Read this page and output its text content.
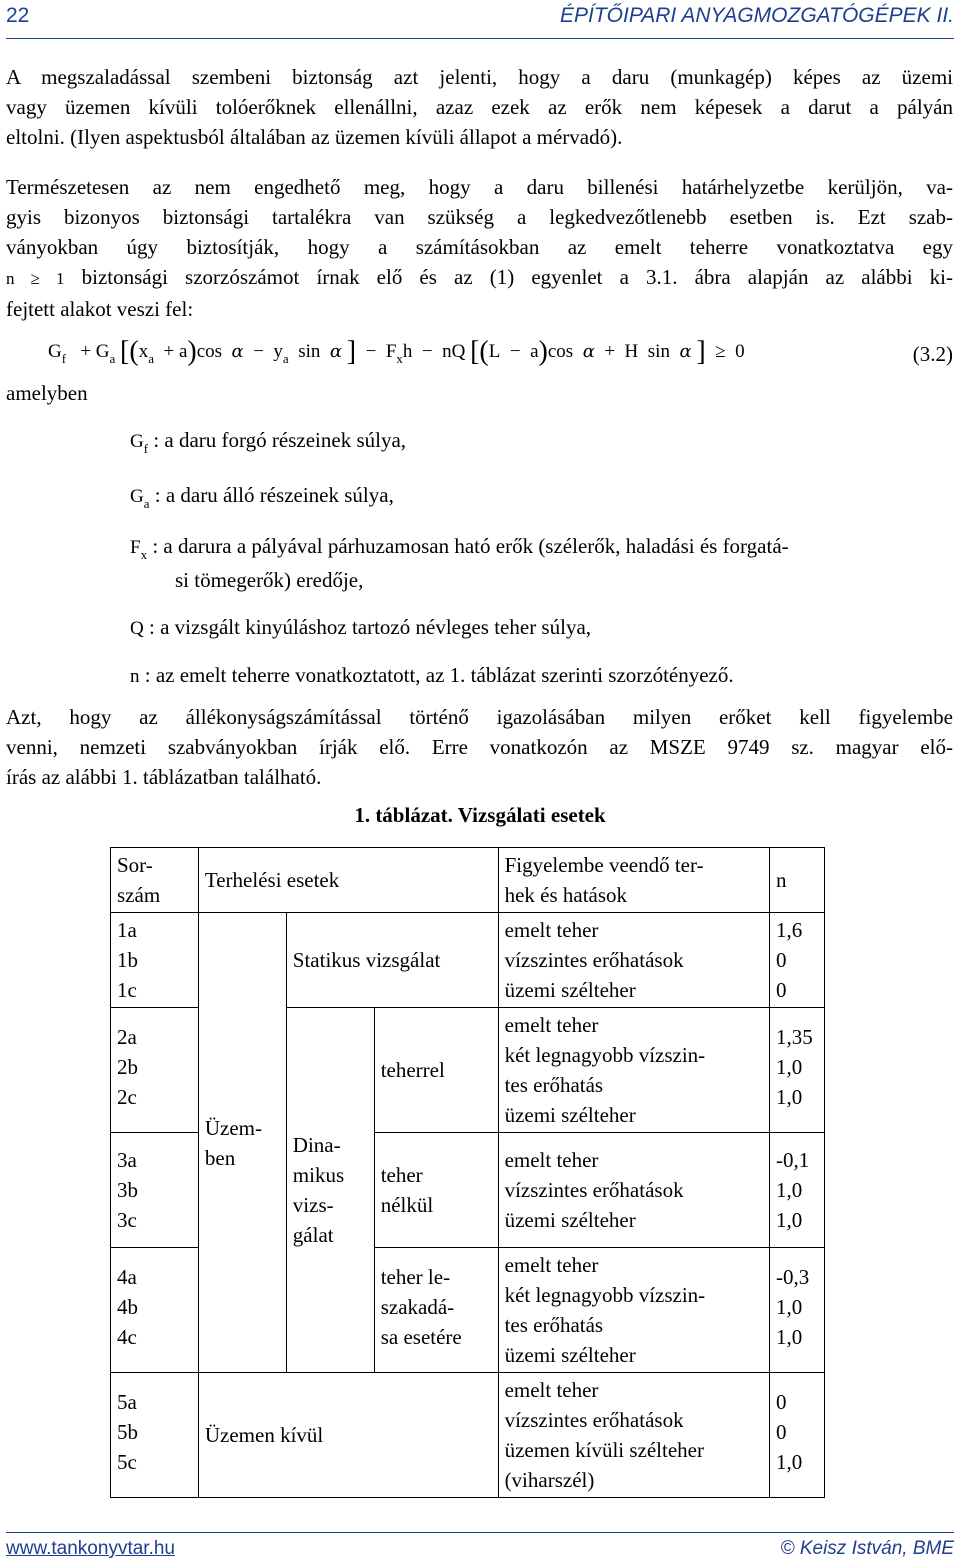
22	ÉPÍTŐIPARI ANYAGMOZGATÓGÉPEK II.
A megszaladással szembeni biztonság azt jelenti, hogy a daru (munkagép) képes az üzemi
vagy üzemen kívüli tolóerőknek ellenállni, azaz ezek az erők nem képesek a darut a pályán
eltolni. (Ilyen aspektusból általában az üzemen kívüli állapot a mérvadó).
Természetesen az nem engedhető meg, hogy a daru billenési határhelyzetbe kerüljön, va-
gyis bizonyos biztonsági tartalékra van szükség a legkedvezőtlenebb esetben is. Ezt szab-
ványokban úgy biztosítják, hogy a számításokban az emelt teherre vonatkoztatva egy
n ≥ 1 biztonsági szorzószámot írnak elő és az (1) egyenlet a 3.1. ábra alapján az alábbi ki-
fejtett alakot veszi fel:
$G_f + G_a$ [$(x_a + a)\cos$  $\alpha - y_a$  sin  α ]  −  $F_xh$  −  nQ [(L  −  a)cos  α  +  H  sin  α ]  ≥  0	(3.2)
amelyben
$G_f$ : a daru forgó részeinek súlya,
$G_a$ : a daru álló részeinek súlya,
$F_x$ : a darura a pályával párhuzamosan ható erők (szélerők, haladási és forgatá-
si tömegerők) eredője,
Q : a vizsgált kinyúláshoz tartozó névleges teher súlya,
n : az emelt teherre vonatkoztatott, az 1. táblázat szerinti szorzótényező.
Azt, hogy az állékonyságszámítással történő igazolásában milyen erőket kell figyelembe
venni, nemzeti szabványokban írják elő. Erre vonatkozón az MSZE 9749 sz. magyar elő-
írás az alábbi 1. táblázatban található.
1. táblázat. Vizsgálati esetek
Sor-
szám	Terhelési esetek			Figyelembe veendő ter-
hek és hatások	n

1a
1b
1c	Üzem-
ben	Statikus vizsgálat		emelt teher
vízszintes erőhatások
üzemi szélteher	1,6
0
0

2a
2b
2c		Dina-
mikus
vizs-
gálat	teherrel	emelt teher
két legnagyobb vízszin-
tes erőhatás
üzemi szélteher	1,35
1,0
1,0

3a
3b
3c			teher
nélkül	emelt teher
vízszintes erőhatások
üzemi szélteher	-0,1
1,0
1,0

4a
4b
4c			teher le-
szakadá-
sa esetére	emelt teher
két legnagyobb vízszin-
tes erőhatás
üzemi szélteher	-0,3
1,0
1,0

5a
5b
5c	Üzemen kívül			emelt teher
vízszintes erőhatások
üzemen kívüli szélteher
(viharszél)	0
0
1,0
www.tankonyvtar.hu	© Keisz István, BME
